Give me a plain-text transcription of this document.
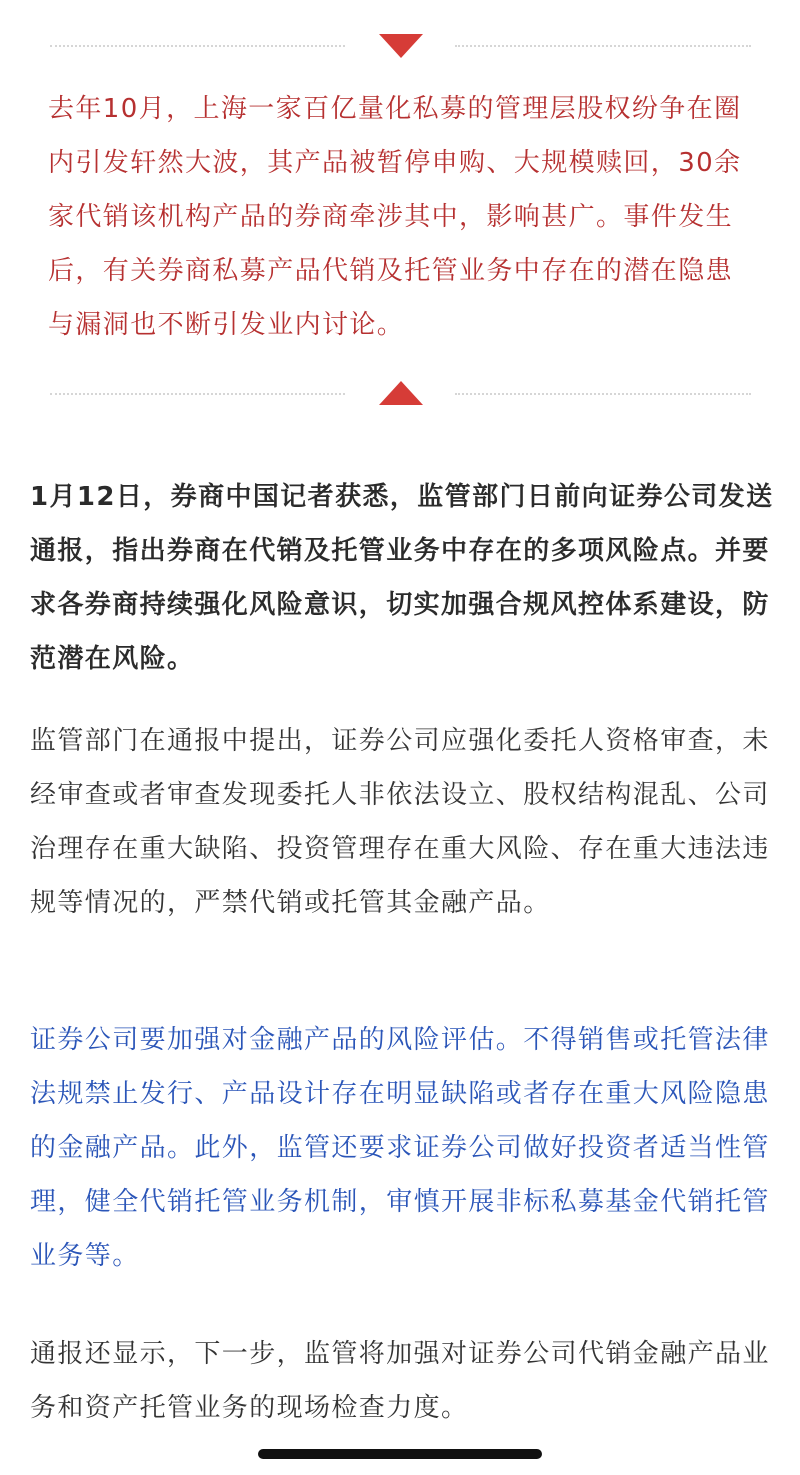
去年10月，上海一家百亿量化私募的管理层股权纷争在圈内引发轩然大波，其产品被暂停申购、大规模赎回，30余家代销该机构产品的券商牵涉其中，影响甚广。事件发生后，有关券商私募产品代销及托管业务中存在的潜在隐患与漏洞也不断引发业内讨论。

1月12日，券商中国记者获悉，监管部门日前向证券公司发送通报，指出券商在代销及托管业务中存在的多项风险点。并要求各券商持续强化风险意识，切实加强合规风控体系建设，防范潜在风险。

监管部门在通报中提出，证券公司应强化委托人资格审查，未经审查或者审查发现委托人非依法设立、股权结构混乱、公司治理存在重大缺陷、投资管理存在重大风险、存在重大违法违规等情况的，严禁代销或托管其金融产品。

证券公司要加强对金融产品的风险评估。不得销售或托管法律法规禁止发行、产品设计存在明显缺陷或者存在重大风险隐患的金融产品。此外，监管还要求证券公司做好投资者适当性管理，健全代销托管业务机制，审慎开展非标私募基金代销托管业务等。

通报还显示，下一步，监管将加强对证券公司代销金融产品业务和资产托管业务的现场检查力度。
